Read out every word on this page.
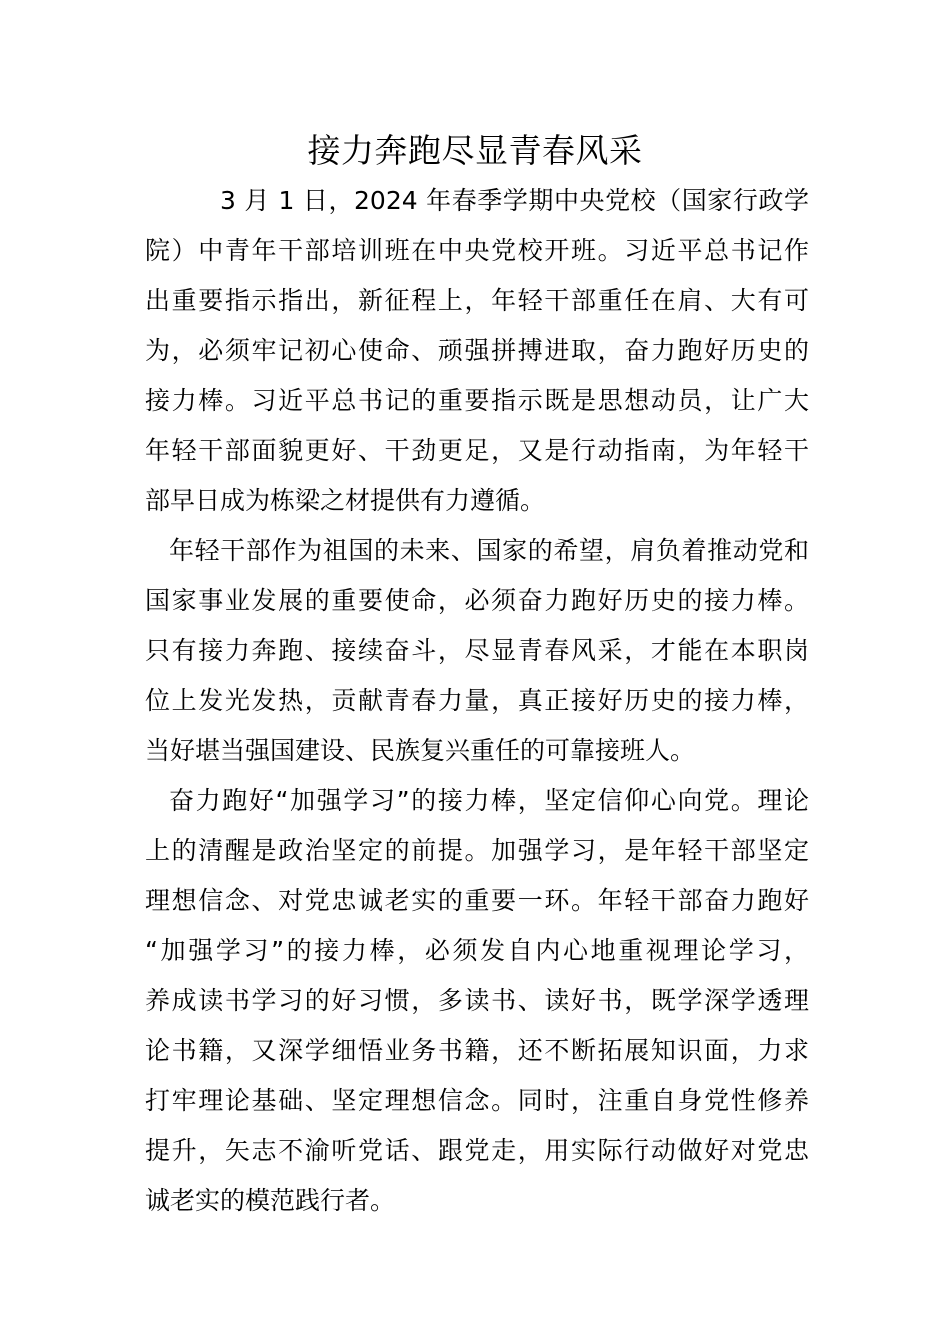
接力奔跑尽显青春风采
3 月 1 日，2024 年春季学期中央党校（国家行政学
院）中青年干部培训班在中央党校开班。习近平总书记作
出重要指示指出，新征程上，年轻干部重任在肩、大有可
为，必须牢记初心使命、顽强拼搏进取，奋力跑好历史的
接力棒。习近平总书记的重要指示既是思想动员，让广大
年轻干部面貌更好、干劲更足，又是行动指南，为年轻干
部早日成为栋梁之材提供有力遵循。
年轻干部作为祖国的未来、国家的希望，肩负着推动党和
国家事业发展的重要使命，必须奋力跑好历史的接力棒。
只有接力奔跑、接续奋斗，尽显青春风采，才能在本职岗
位上发光发热，贡献青春力量，真正接好历史的接力棒，
当好堪当强国建设、民族复兴重任的可靠接班人。
奋力跑好“加强学习”的接力棒，坚定信仰心向党。理论
上的清醒是政治坚定的前提。加强学习，是年轻干部坚定
理想信念、对党忠诚老实的重要一环。年轻干部奋力跑好
“加强学习”的接力棒，必须发自内心地重视理论学习，
养成读书学习的好习惯，多读书、读好书，既学深学透理
论书籍，又深学细悟业务书籍，还不断拓展知识面，力求
打牢理论基础、坚定理想信念。同时，注重自身党性修养
提升，矢志不渝听党话、跟党走，用实际行动做好对党忠
诚老实的模范践行者。
